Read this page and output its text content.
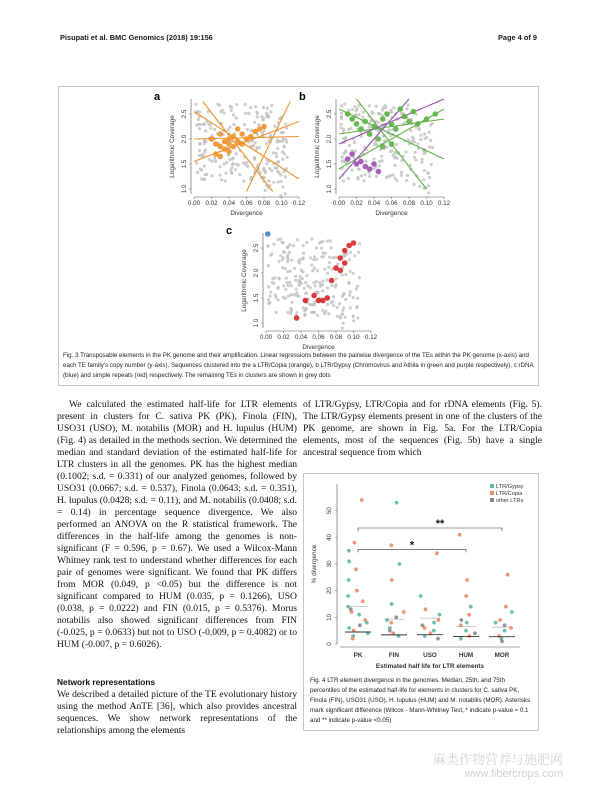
Pisupati et al. BMC Genomics (2018) 19:156	Page 4 of 9
a
0.00 0.02 0.04 0.06 0.08 0.10 0.12
1.0
1.5
2.0
2.5
Divergence
Logarithmic Coverage
b
0.00 0.02 0.04 0.06 0.08 0.10 0.12
1.0
1.5
2.0
2.5
Divergence
Logarithmic Coverage
c
0.00 0.02 0.04 0.06 0.08 0.10 0.12
1.0
1.5
2.0
2.5
Divergence
Logarithmic Coverage
Fig. 3 Transposable elements in the PK genome and their amplification. Linear regressions between the pairwise divergence of the TEs within the PK genome (x-axis) and each TE family's copy number (y-axis). Sequences clustered into the a LTR/Copia (orange), b LTR/Gypsy (Chromovirus and Athila in green and purple respectively), c rDNA (blue) and simple repeats (red) respectively. The remaining TEs in clusters are shown in grey dots

We calculated the estimated half-life for LTR elements present in clusters for C. sativa PK (PK), Finola (FIN), USO31 (USO), M. notabilis (MOR) and H. lupulus (HUM) (Fig. 4) as detailed in the methods section. We determined the median and standard deviation of the estimated half-life for LTR clusters in all the genomes. PK has the highest median (0.1002; s.d. = 0.331) of our analyzed genomes, followed by USO31 (0.0667; s.d. = 0.537), Finola (0.0643; s.d. = 0.351), H. lupulus (0.0428; s.d. = 0.11), and M. notabilis (0.0408; s.d. = 0.14) in percentage sequence divergence. We also performed an ANOVA on the R statistical framework. The differences in the half-life among the genomes is non-significant (F = 0.596, p = 0.67). We used a Wilcox-Mann Whitney rank test to understand whether differences for each pair of genomes were significant. We found that PK differs from MOR (0.049, p <0.05) but the difference is not significant compared to HUM (0.035, p = 0.1266), USO (0.038, p = 0.0222) and FIN (0.015, p = 0.5376). Morus notabilis also showed significant differences from FIN (-0.025, p = 0.0633) but not to USO (-0.009, p = 0.4082) or to HUM (-0.007, p = 0.6026).

Network representations
We described a detailed picture of the TE evolutionary history using the method AnTE [36], which also provides ancestral sequences. We show network representations of the relationships among the elements

of LTR/Gypsy, LTR/Copia and for rDNA elements (Fig. 5). The LTR/Gypsy elements present in one of the clusters of the PK genome, are shown in Fig. 5a. For the LTR/Copia elements, most of the sequences (Fig. 5b) have a single ancestral sequence from which

0
10
20
30
40
50
PK	FIN	USO	HUM	MOR
Estimated half life for LTR elements
% divergence	*
**
LTR/Gypsy
LTR/Copia
other LTRs
Fig. 4 LTR element divergence in the genomes. Median, 25th, and 75th percentiles of the estimated half-life for elements in clusters for C. sativa PK, Finola (FIN), USO31 (USO), H. lupulus (HUM) and M. notabilis (MOR). Asterisks mark significant difference (Wilcox - Mann-Whitney Test, * indicate p-value ≈ 0.1 and ** indicate p-value <0.05)
麻类作物营养与施肥网
www.fibercrops.com
